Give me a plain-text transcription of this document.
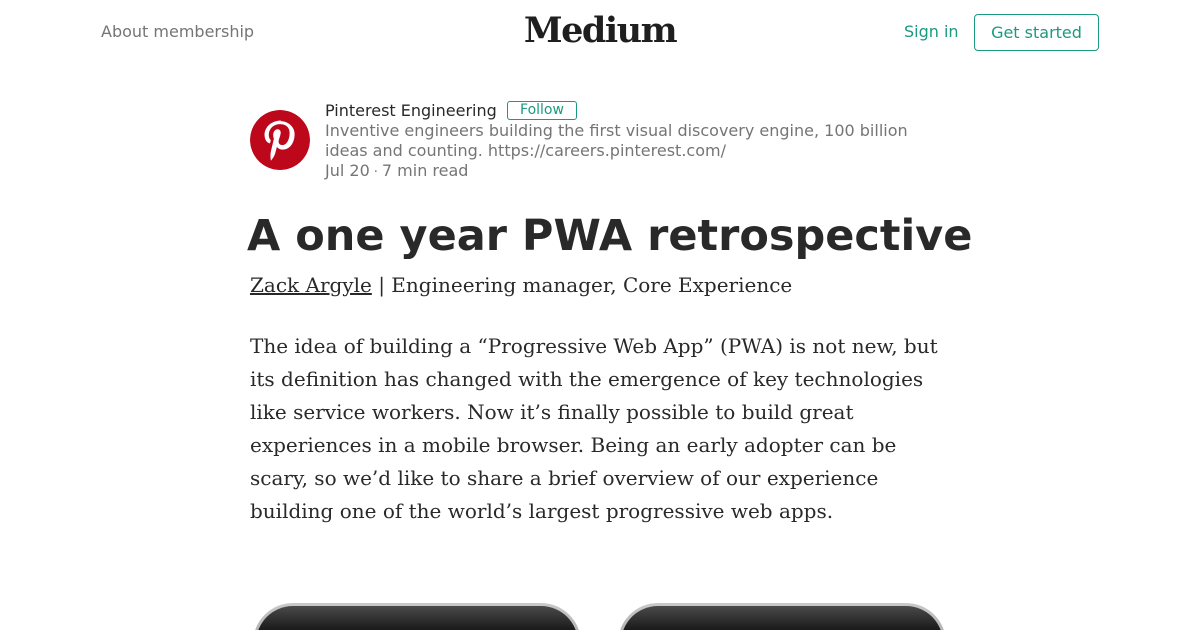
About membership	Medium	Sign in	Get started
Pinterest Engineering	Follow
Inventive engineers building the first visual discovery engine, 100 billion ideas and counting. https://careers.pinterest.com/
Jul 20 · 7 min read
A one year PWA retrospective
Zack Argyle | Engineering manager, Core Experience

The idea of building a “Progressive Web App” (PWA) is not new, but its definition has changed with the emergence of key technologies like service workers. Now it’s finally possible to build great experiences in a mobile browser. Being an early adopter can be scary, so we’d like to share a brief overview of our experience building one of the world’s largest progressive web apps.
